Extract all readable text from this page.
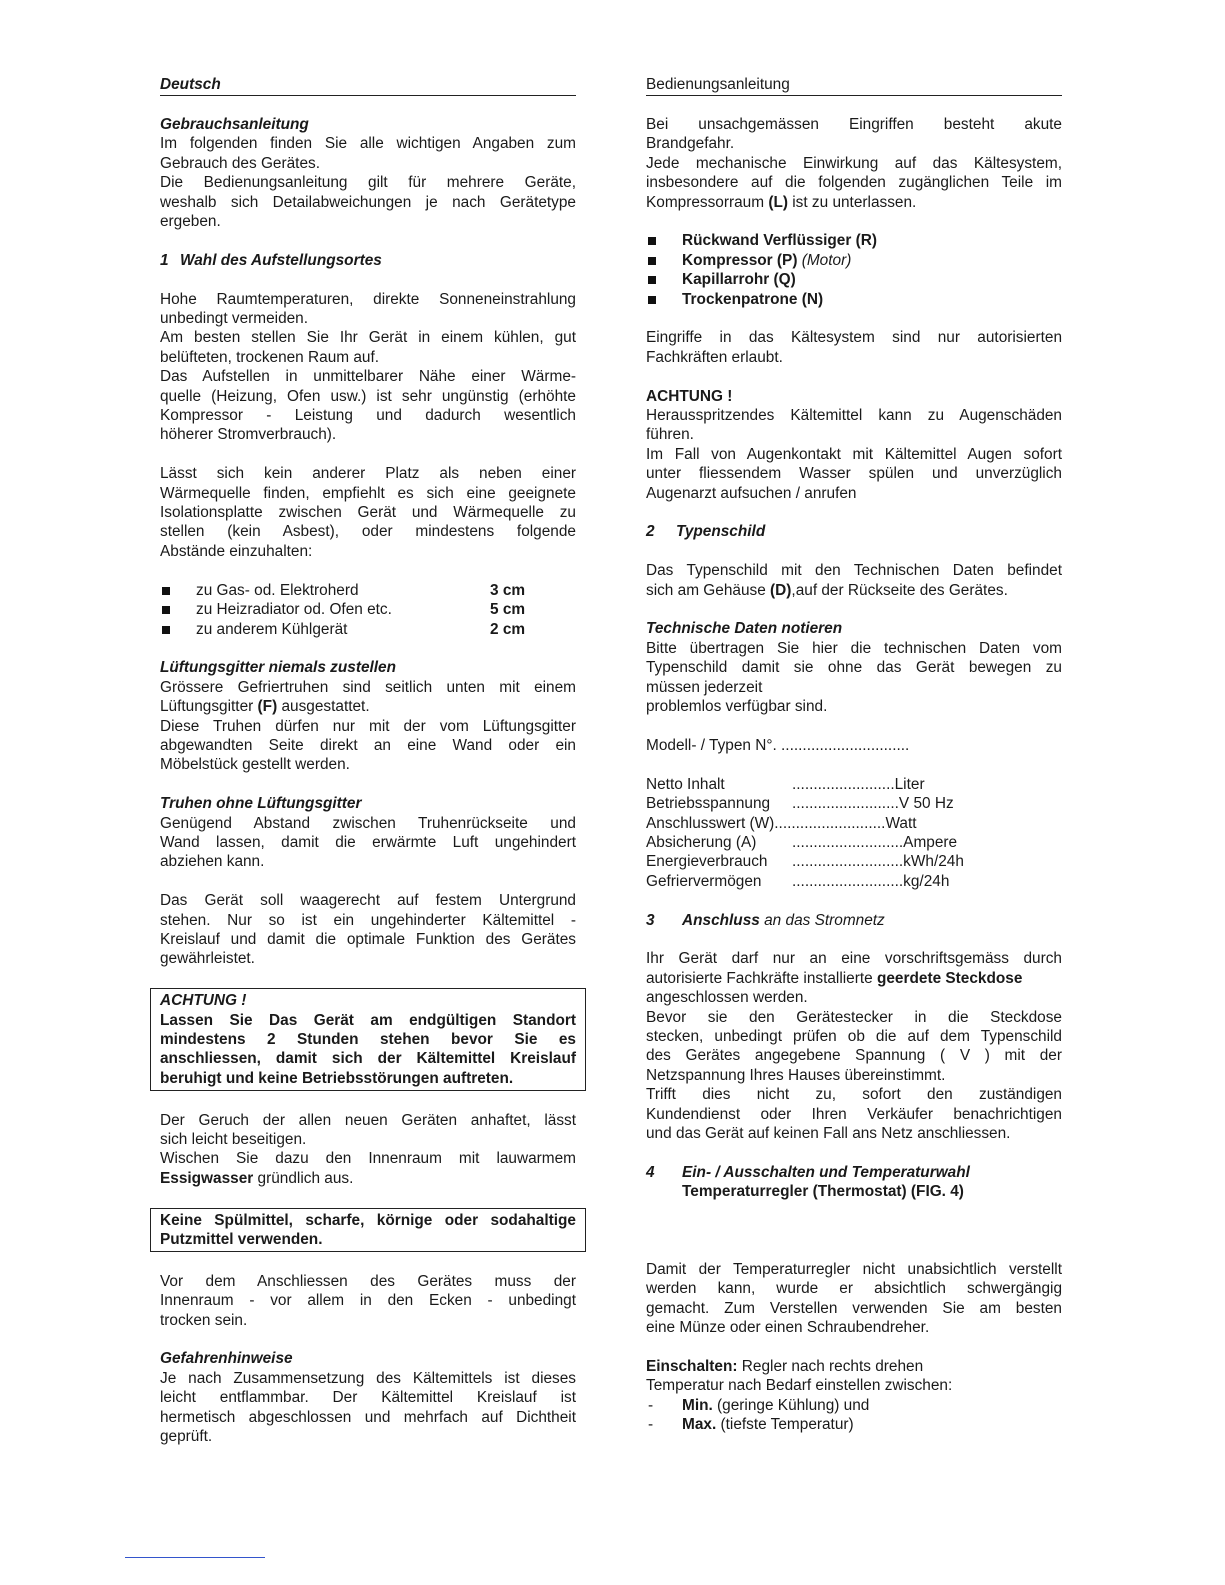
Deutsch

Gebrauchsanleitung

Im folgenden finden Sie alle wichtigen Angaben zum

Gebrauch des Gerätes.

Die Bedienungsanleitung gilt für mehrere Geräte,

weshalb sich Detailabweichungen je nach Gerätetype

ergeben.

1 Wahl des Aufstellungsortes

Hohe Raumtemperaturen, direkte Sonneneinstrahlung

unbedingt vermeiden.

Am besten stellen Sie Ihr Gerät in einem kühlen, gut

belüfteten, trockenen Raum auf.

Das Aufstellen in unmittelbarer Nähe einer Wärme-

quelle (Heizung, Ofen usw.) ist sehr ungünstig (erhöhte

Kompressor - Leistung und dadurch wesentlich

höherer Stromverbrauch).

Lässt sich kein anderer Platz als neben einer

Wärmequelle finden, empfiehlt es sich eine geeignete

Isolationsplatte zwischen Gerät und Wärmequelle zu

stellen (kein Asbest), oder mindestens folgende

Abstände einzuhalten:

zu Gas- od. Elektroherd	3 cm
zu Heizradiator od. Ofen etc.	5 cm
zu anderem Kühlgerät	2 cm

Lüftungsgitter niemals zustellen

Grössere Gefriertruhen sind seitlich unten mit einem

Lüftungsgitter (F) ausgestattet.

Diese Truhen dürfen nur mit der vom Lüftungsgitter

abgewandten Seite direkt an eine Wand oder ein

Möbelstück gestellt werden.

Truhen ohne Lüftungsgitter

Genügend Abstand zwischen Truhenrückseite und

Wand lassen, damit die erwärmte Luft ungehindert

abziehen kann.

Das Gerät soll waagerecht auf festem Untergrund

stehen. Nur so ist ein ungehinderter Kältemittel -

Kreislauf und damit die optimale Funktion des Gerätes

gewährleistet.

ACHTUNG !

Lassen Sie Das Gerät am endgültigen Standort

mindestens 2 Stunden stehen bevor Sie es

anschliessen, damit sich der Kältemittel Kreislauf

beruhigt und keine Betriebsstörungen auftreten.

Der Geruch der allen neuen Geräten anhaftet, lässt

sich leicht beseitigen.

Wischen Sie dazu den Innenraum mit lauwarmem

Essigwasser gründlich aus.

Keine Spülmittel, scharfe, körnige oder sodahaltige

Putzmittel verwenden.

Vor dem Anschliessen des Gerätes muss der

Innenraum - vor allem in den Ecken - unbedingt

trocken sein.

Gefahrenhinweise

Je nach Zusammensetzung des Kältemittels ist dieses

leicht entflammbar. Der Kältemittel Kreislauf ist

hermetisch abgeschlossen und mehrfach auf Dichtheit

geprüft.

Bedienungsanleitung

Bei unsachgemässen Eingriffen besteht akute

Brandgefahr.

Jede mechanische Einwirkung auf das Kältesystem,

insbesondere auf die folgenden zugänglichen Teile im

Kompressorraum (L) ist zu unterlassen.

Rückwand Verflüssiger (R)
Kompressor (P) (Motor)
Kapillarrohr (Q)
Trockenpatrone (N)

Eingriffe in das Kältesystem sind nur autorisierten

Fachkräften erlaubt.

ACHTUNG !

Herausspritzendes Kältemittel kann zu Augenschäden

führen.

Im Fall von Augenkontakt mit Kältemittel Augen sofort

unter fliessendem Wasser spülen und unverzüglich

Augenarzt aufsuchen / anrufen

2 Typenschild

Das Typenschild mit den Technischen Daten befindet

sich am Gehäuse (D),auf der Rückseite des Gerätes.

Technische Daten notieren

Bitte übertragen Sie hier die technischen Daten vom

Typenschild damit sie ohne das Gerät bewegen zu

müssen jederzeit

problemlos verfügbar sind.

Modell- / Typen N°. ..............................

Netto Inhalt	........................Liter

Betriebsspannung .........................V 50 Hz

Anschlusswert (W)..........................Watt

Absicherung (A) ..........................Ampere

Energieverbrauch ..........................kWh/24h

Gefriervermögen ..........................kg/24h

3 Anschluss an das Stromnetz

Ihr Gerät darf nur an eine vorschriftsgemäss durch

autorisierte Fachkräfte installierte geerdete Steckdose

angeschlossen werden.

Bevor sie den Gerätestecker in die Steckdose

stecken, unbedingt prüfen ob die auf dem Typenschild

des Gerätes angegebene Spannung ( V ) mit der

Netzspannung Ihres Hauses übereinstimmt.

Trifft dies nicht zu, sofort den zuständigen

Kundendienst oder Ihren Verkäufer benachrichtigen

und das Gerät auf keinen Fall ans Netz anschliessen.

4 Ein- / Ausschalten und Temperaturwahl

Temperaturregler (Thermostat) (FIG. 4)

Damit der Temperaturregler nicht unabsichtlich verstellt

werden kann, wurde er absichtlich schwergängig

gemacht. Zum Verstellen verwenden Sie am besten

eine Münze oder einen Schraubendreher.

Einschalten: Regler nach rechts drehen

Temperatur nach Bedarf einstellen zwischen:

- Min. (geringe Kühlung) und
- Max. (tiefste Temperatur)
